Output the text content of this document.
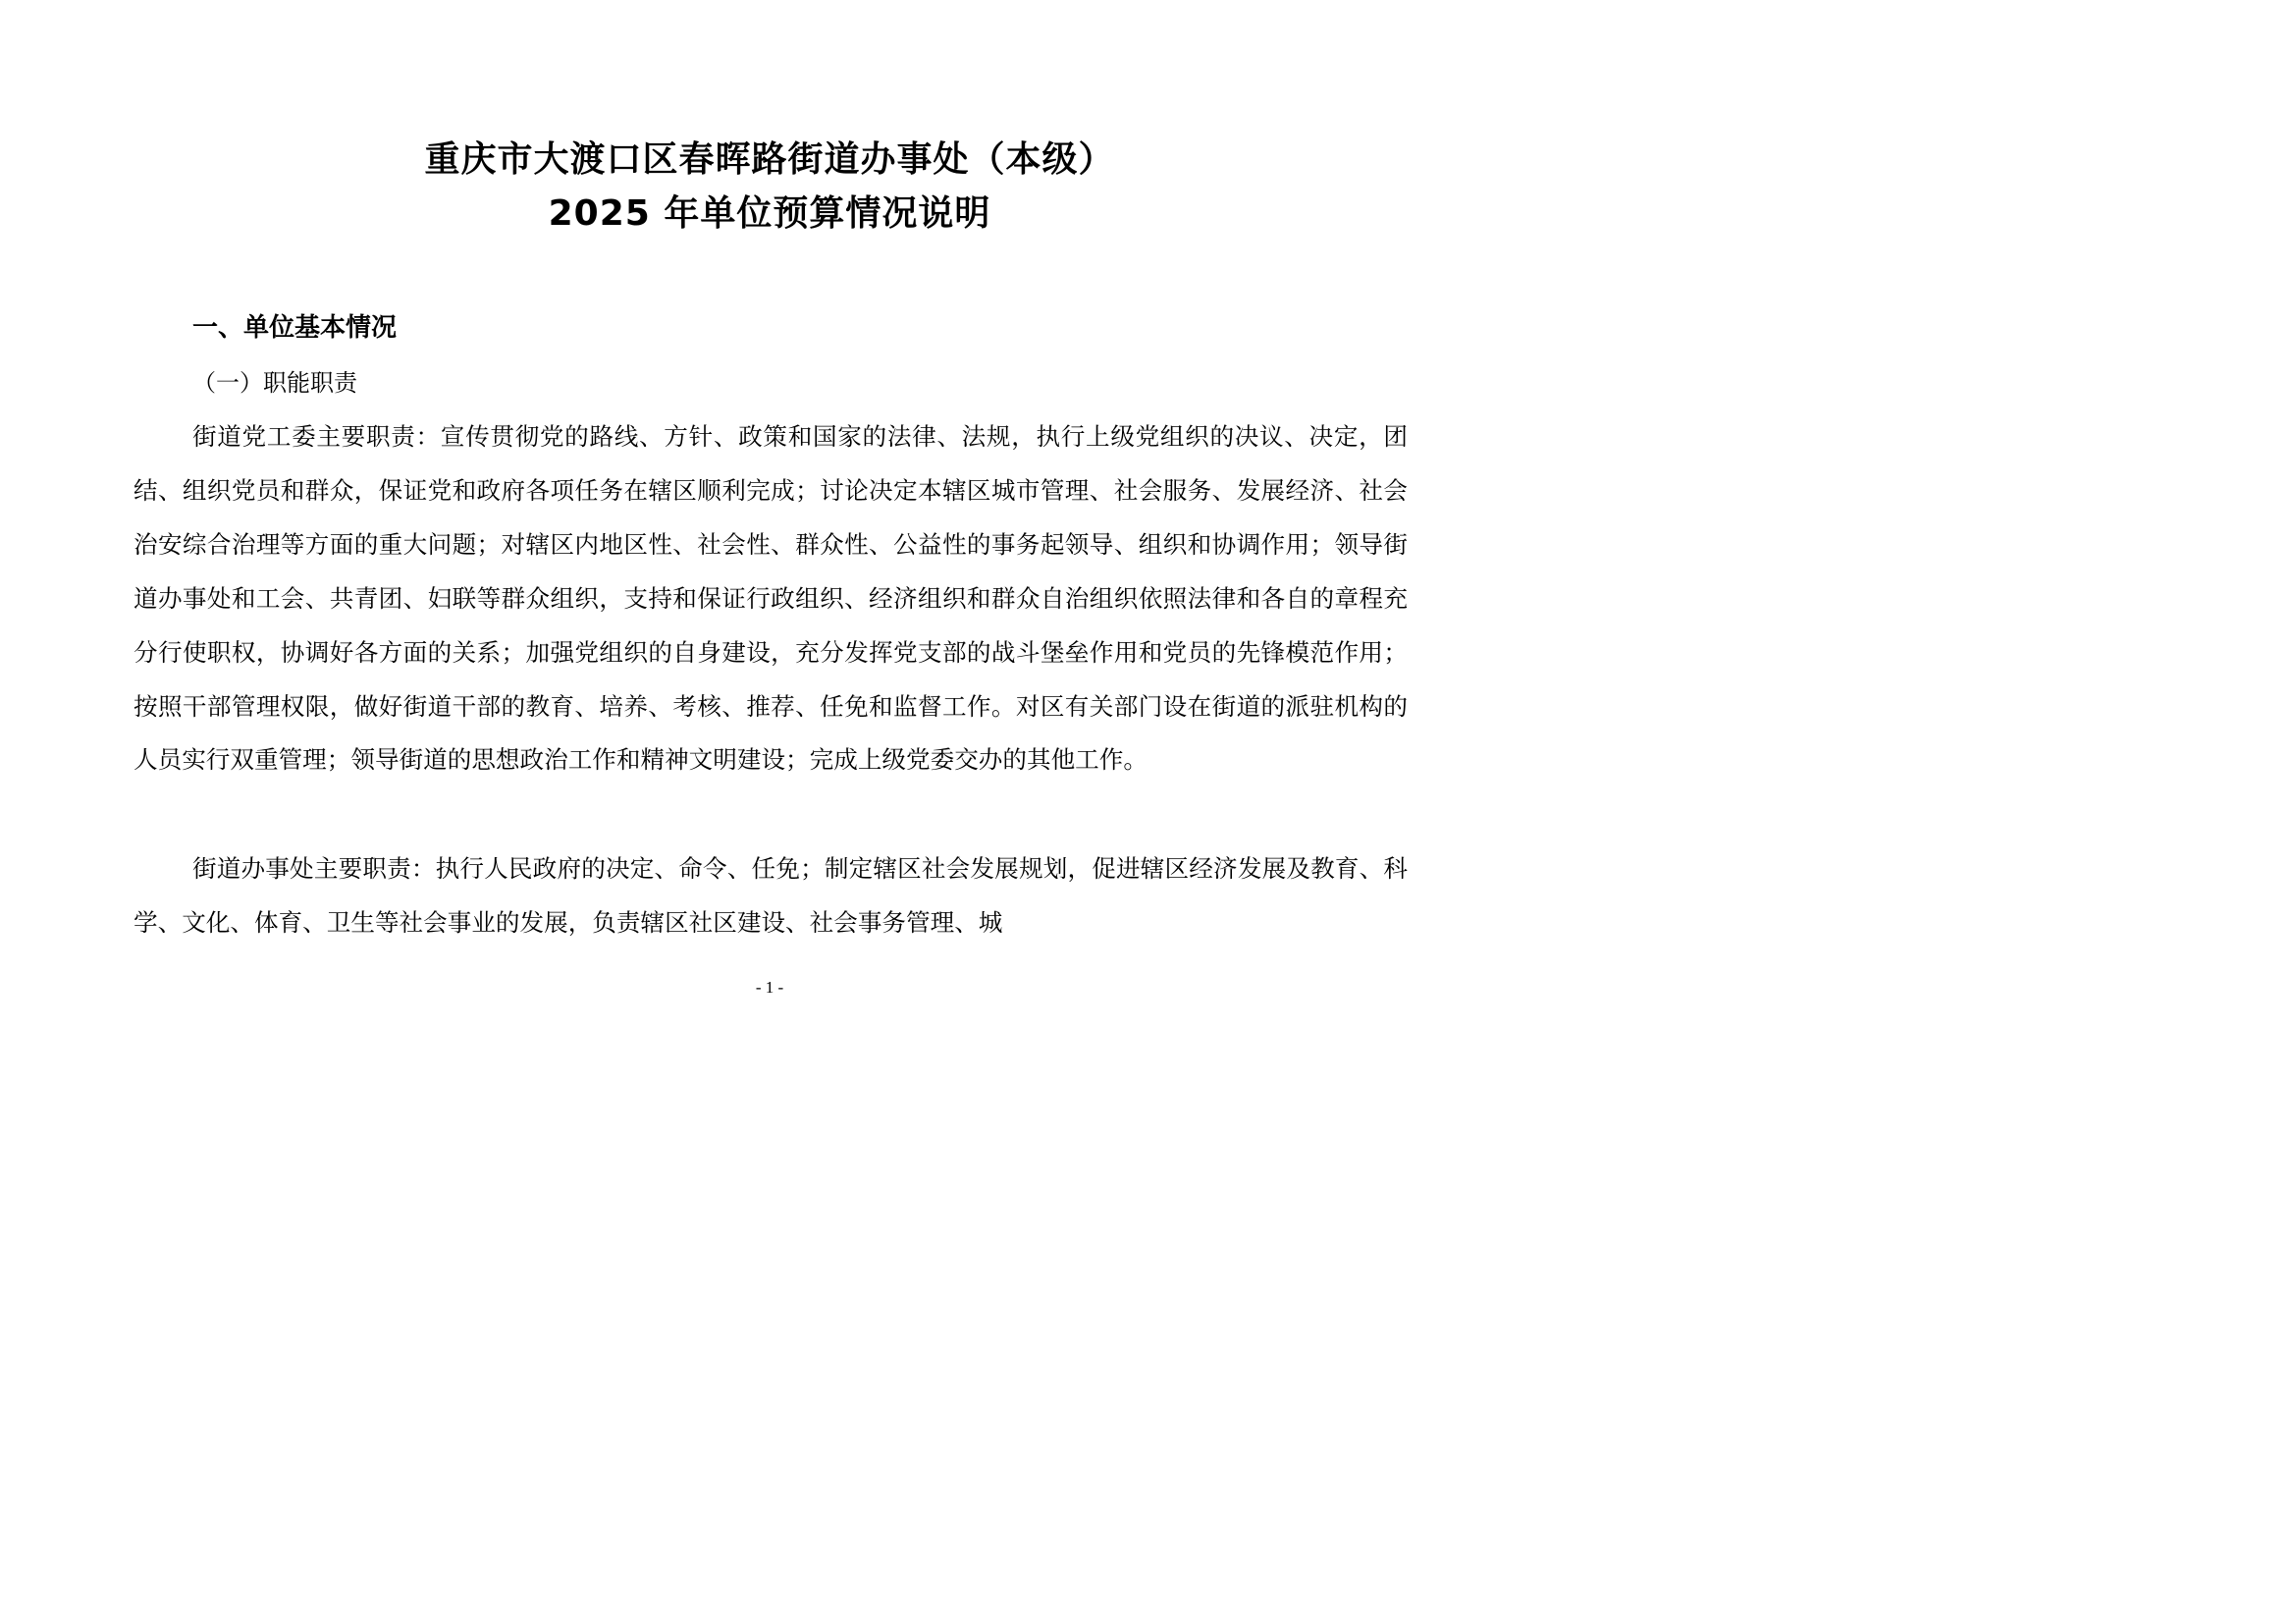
重庆市大渡口区春晖路街道办事处（本级）
2025 年单位预算情况说明
一、单位基本情况
（一）职能职责

街道党工委主要职责：宣传贯彻党的路线、方针、政策和国家的法律、法规，执行上级党组织的决议、决定，团结、组织党员和群众，保证党和政府各项任务在辖区顺利完成；讨论决定本辖区城市管理、社会服务、发展经济、社会治安综合治理等方面的重大问题；对辖区内地区性、社会性、群众性、公益性的事务起领导、组织和协调作用；领导街道办事处和工会、共青团、妇联等群众组织，支持和保证行政组织、经济组织和群众自治组织依照法律和各自的章程充分行使职权，协调好各方面的关系；加强党组织的自身建设，充分发挥党支部的战斗堡垒作用和党员的先锋模范作用；按照干部管理权限，做好街道干部的教育、培养、考核、推荐、任免和监督工作。对区有关部门设在街道的派驻机构的人员实行双重管理；领导街道的思想政治工作和精神文明建设；完成上级党委交办的其他工作。

街道办事处主要职责：执行人民政府的决定、命令、任免；制定辖区社会发展规划，促进辖区经济发展及教育、科学、文化、体育、卫生等社会事业的发展，负责辖区社区建设、社会事务管理、城

- 1 -
